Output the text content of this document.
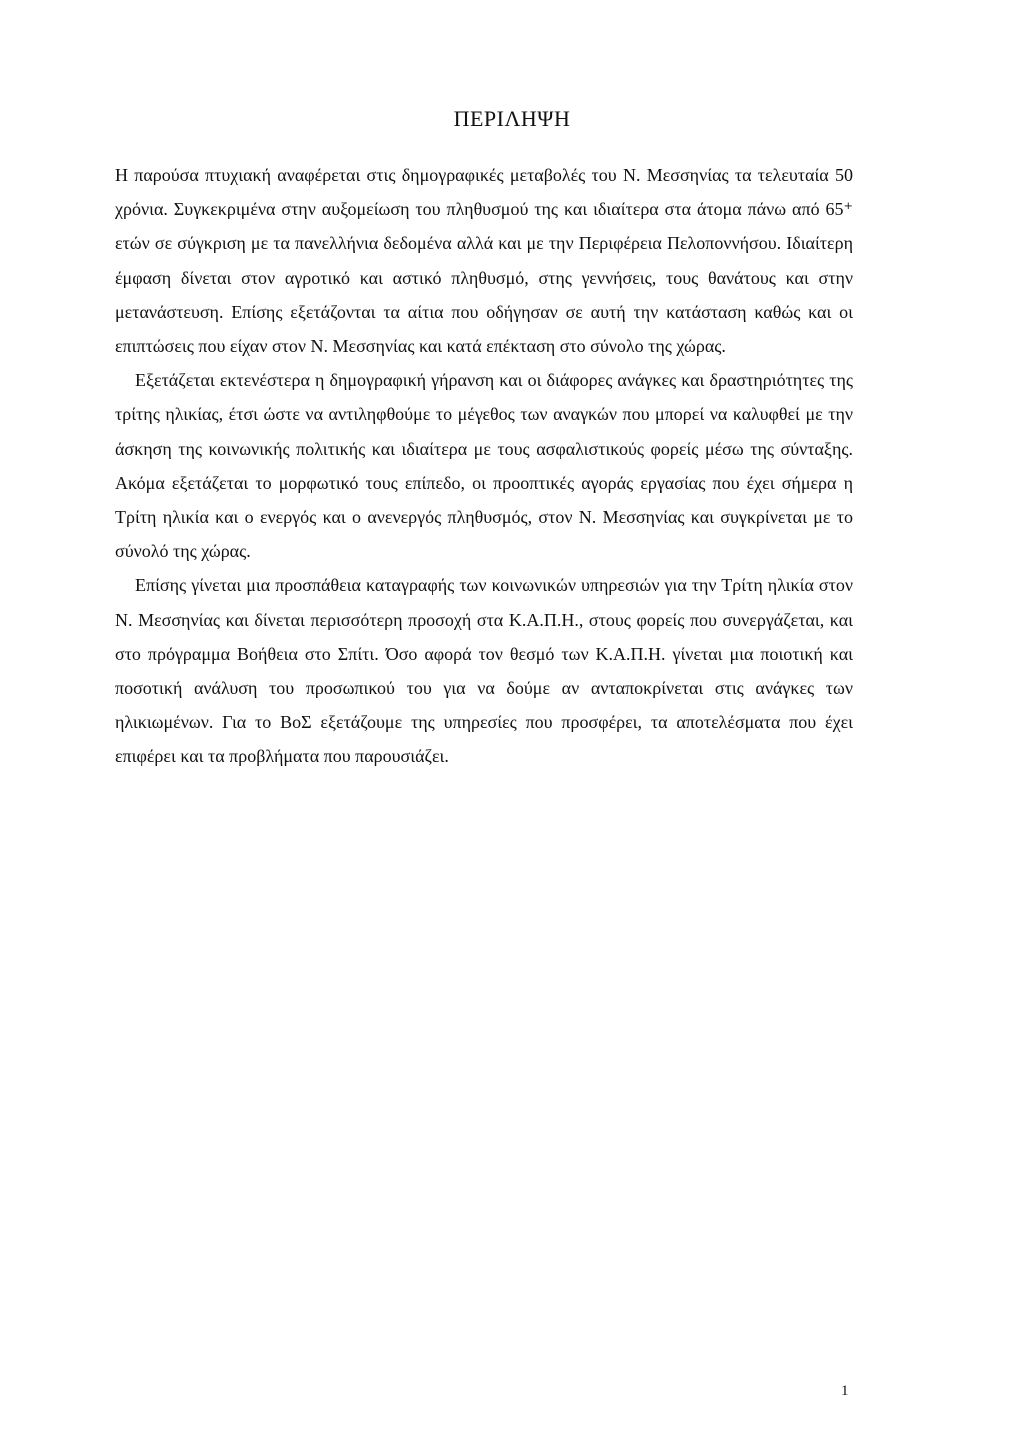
ΠΕΡΙΛΗΨΗ

Η παρούσα πτυχιακή αναφέρεται στις δημογραφικές μεταβολές του Ν. Μεσσηνίας τα τελευταία 50 χρόνια. Συγκεκριμένα στην αυξομείωση του πληθυσμού της και ιδιαίτερα στα άτομα πάνω από 65⁺ ετών σε σύγκριση με τα πανελλήνια δεδομένα αλλά και με την Περιφέρεια Πελοποννήσου. Ιδιαίτερη έμφαση δίνεται στον αγροτικό και αστικό πληθυσμό, στης γεννήσεις, τους θανάτους και στην μετανάστευση. Επίσης εξετάζονται τα αίτια που οδήγησαν σε αυτή την κατάσταση καθώς και οι επιπτώσεις που είχαν στον Ν. Μεσσηνίας και κατά επέκταση στο σύνολο της χώρας.

Εξετάζεται εκτενέστερα η δημογραφική γήρανση και οι διάφορες ανάγκες και δραστηριότητες της τρίτης ηλικίας, έτσι ώστε να αντιληφθούμε το μέγεθος των αναγκών που μπορεί να καλυφθεί με την άσκηση της κοινωνικής πολιτικής και ιδιαίτερα με τους ασφαλιστικούς φορείς μέσω της σύνταξης. Ακόμα εξετάζεται το μορφωτικό τους επίπεδο, οι προοπτικές αγοράς εργασίας που έχει σήμερα η Τρίτη ηλικία και ο ενεργός και ο ανενεργός πληθυσμός, στον Ν. Μεσσηνίας και συγκρίνεται με το σύνολό της χώρας.

Επίσης γίνεται μια προσπάθεια καταγραφής των κοινωνικών υπηρεσιών για την Τρίτη ηλικία στον Ν. Μεσσηνίας και δίνεται περισσότερη προσοχή στα Κ.Α.Π.Η., στους φορείς που συνεργάζεται, και στο πρόγραμμα Βοήθεια στο Σπίτι. Όσο αφορά τον θεσμό των Κ.Α.Π.Η. γίνεται μια ποιοτική και ποσοτική ανάλυση του προσωπικού του για να δούμε αν ανταποκρίνεται στις ανάγκες των ηλικιωμένων. Για το ΒοΣ εξετάζουμε της υπηρεσίες που προσφέρει, τα αποτελέσματα που έχει επιφέρει και τα προβλήματα που παρουσιάζει.

1
